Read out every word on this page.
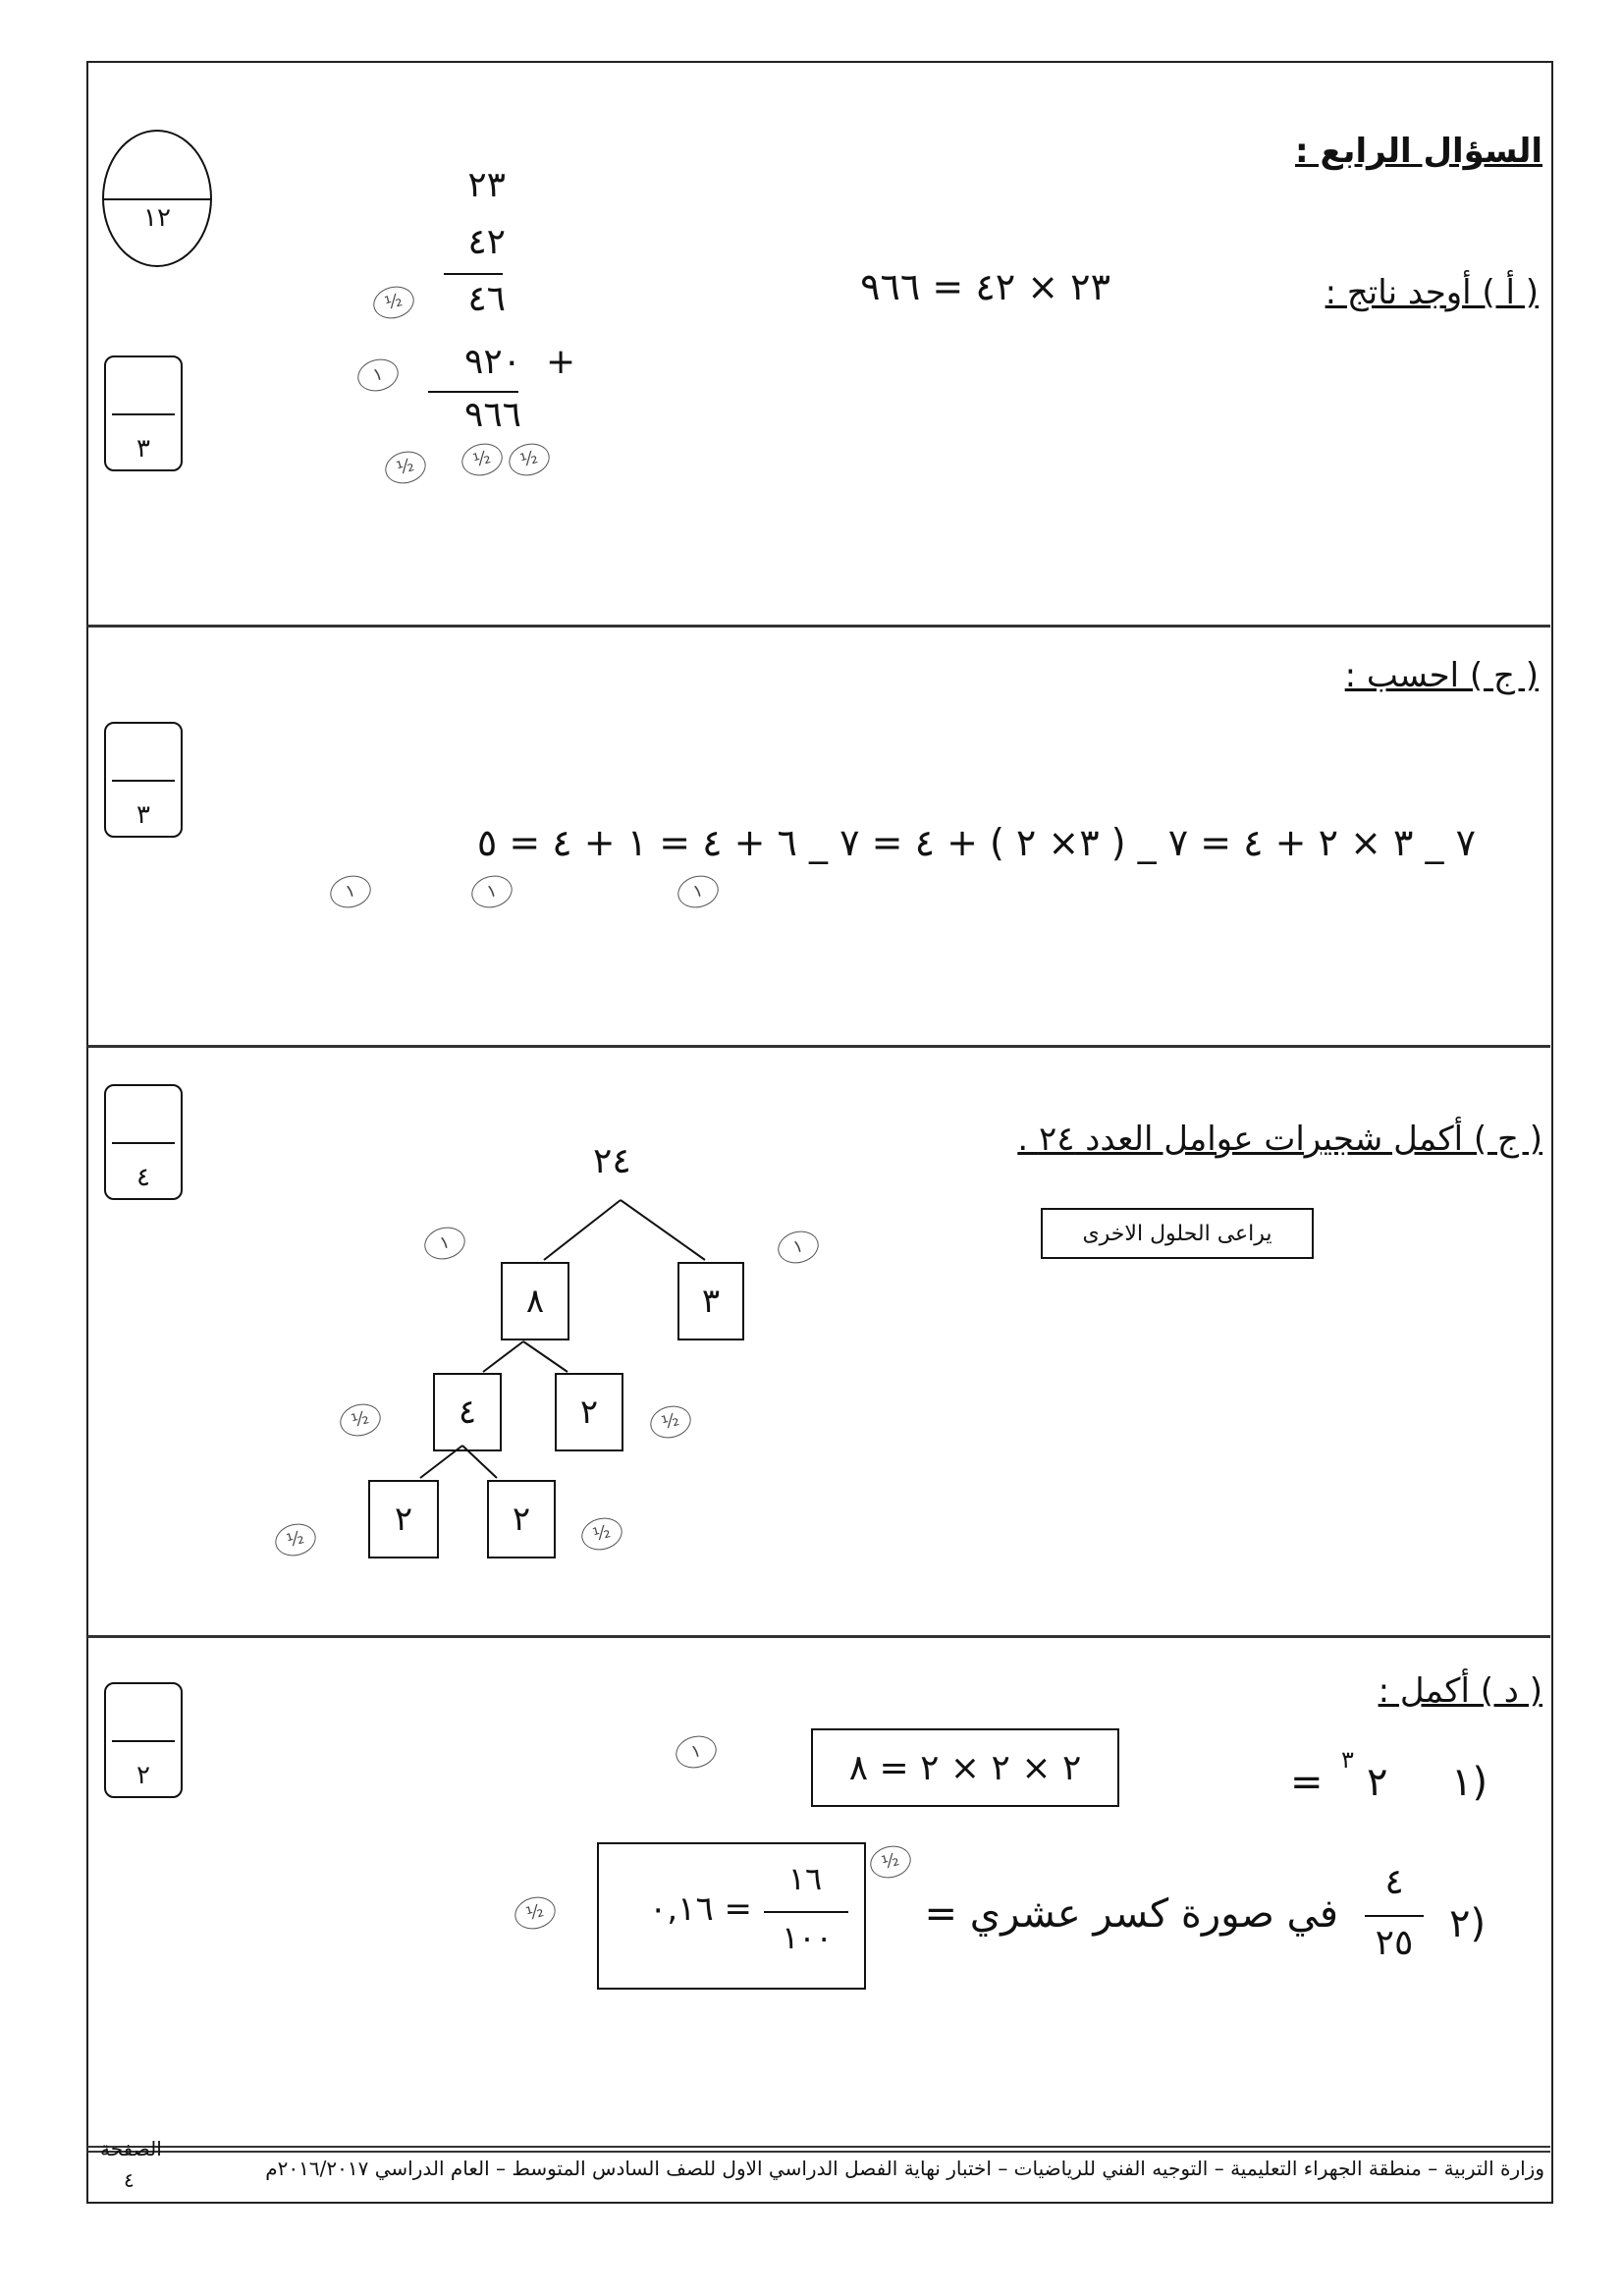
السؤال الرابع :
١٢
٣
( أ ) أوجد ناتج :
٢٣ × ٤٢ = ٩٦٦
٢٣
٤٢
٤٦
٩٢٠ +
٩٦٦
½
١
½	½	½
( ج ) احسب :
٣
٧ _ ٣ × ٢ + ٤ = ٧ _ ( ٣× ٢ ) + ٤ = ٧ _ ٦ + ٤ = ١ + ٤ = ٥
١	١	١
( ج ) أكمل شجيرات عوامل العدد ٢٤ .
٤
يراعى الحلول الاخرى
٢٤
٨	٣
٤	٢
٢	٢
١	١
½	½
½	½
( د ) أكمل :
٢	١)
٢
٣
=
٢ × ٢ × ٢ = ٨
١
٢)
٤
٢٥
في صورة كسر عشري =
١٦
١٠٠
= ٠,١٦
½
½
وزارة التربية – منطقة الجهراء التعليمية – التوجيه الفني للرياضيات – اختبار نهاية الفصل الدراسي الاول للصف السادس المتوسط – العام الدراسي ٢٠١٦/٢٠١٧م
الصفحة
٤
